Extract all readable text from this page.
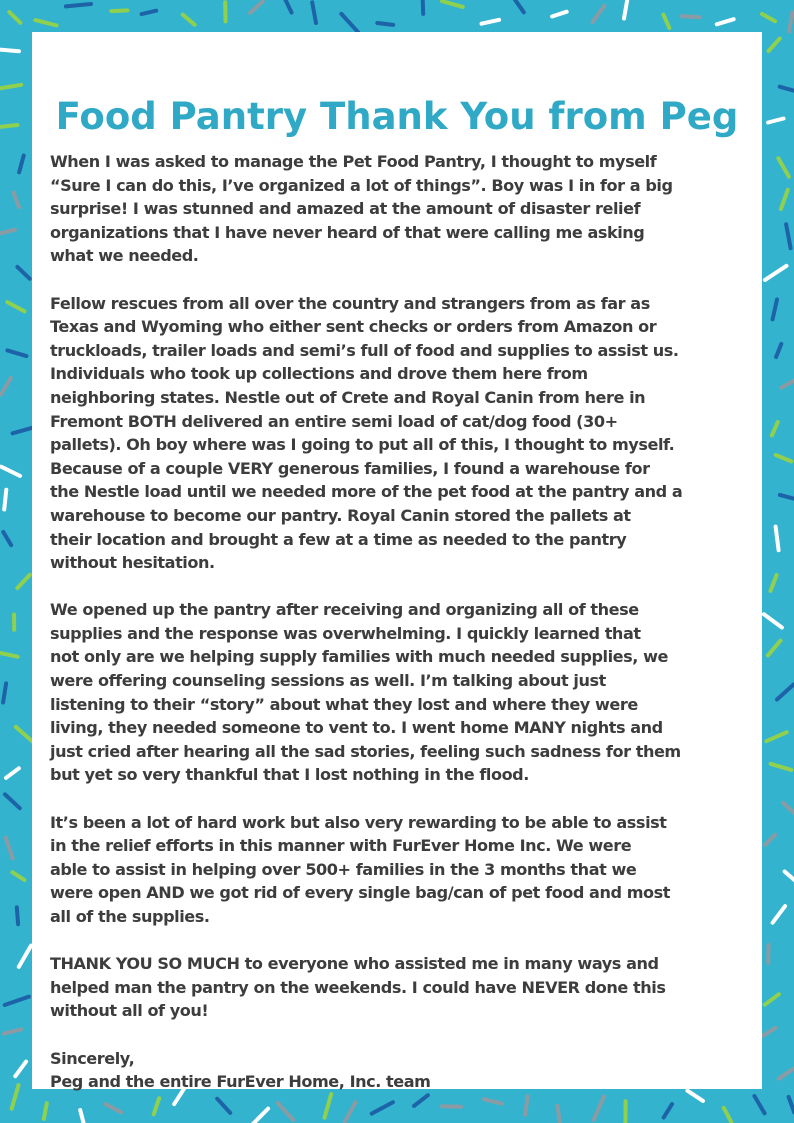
Food Pantry Thank You from Peg

When I was asked to manage the Pet Food Pantry, I thought to myself
“Sure I can do this, I’ve organized a lot of things”. Boy was I in for a big
surprise! I was stunned and amazed at the amount of disaster relief
organizations that I have never heard of that were calling me asking
what we needed.

Fellow rescues from all over the country and strangers from as far as
Texas and Wyoming who either sent checks or orders from Amazon or
truckloads, trailer loads and semi’s full of food and supplies to assist us.
Individuals who took up collections and drove them here from
neighboring states. Nestle out of Crete and Royal Canin from here in
Fremont BOTH delivered an entire semi load of cat/dog food (30+
pallets). Oh boy where was I going to put all of this, I thought to myself.
Because of a couple VERY generous families, I found a warehouse for
the Nestle load until we needed more of the pet food at the pantry and a
warehouse to become our pantry. Royal Canin stored the pallets at
their location and brought a few at a time as needed to the pantry
without hesitation.

We opened up the pantry after receiving and organizing all of these
supplies and the response was overwhelming. I quickly learned that
not only are we helping supply families with much needed supplies, we
were offering counseling sessions as well. I’m talking about just
listening to their “story” about what they lost and where they were
living, they needed someone to vent to. I went home MANY nights and
just cried after hearing all the sad stories, feeling such sadness for them
but yet so very thankful that I lost nothing in the flood.

It’s been a lot of hard work but also very rewarding to be able to assist
in the relief efforts in this manner with FurEver Home Inc. We were
able to assist in helping over 500+ families in the 3 months that we
were open AND we got rid of every single bag/can of pet food and most
all of the supplies.

THANK YOU SO MUCH to everyone who assisted me in many ways and
helped man the pantry on the weekends. I could have NEVER done this
without all of you!

Sincerely,
Peg and the entire FurEver Home, Inc. team
